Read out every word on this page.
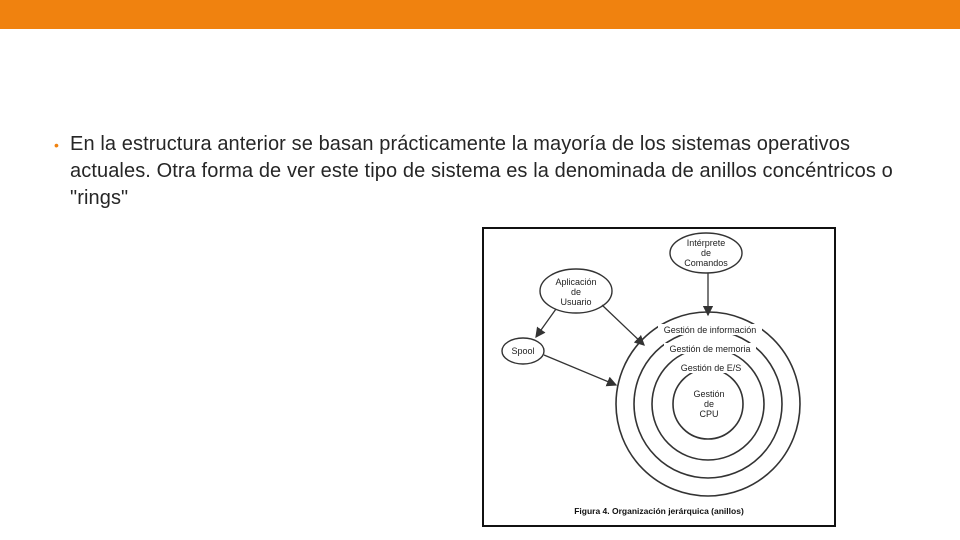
• En la estructura anterior se basan prácticamente la mayoría de los sistemas operativos actuales. Otra forma de ver este tipo de sistema es la denominada de anillos concéntricos o "rings"
Gestión de información
Gestión de memoria
Gestión de E/S
Gestión
de
CPU
Intérprete
de
Comandos
Aplicación
de
Usuario
Spool
Figura 4. Organización jerárquica (anillos)
